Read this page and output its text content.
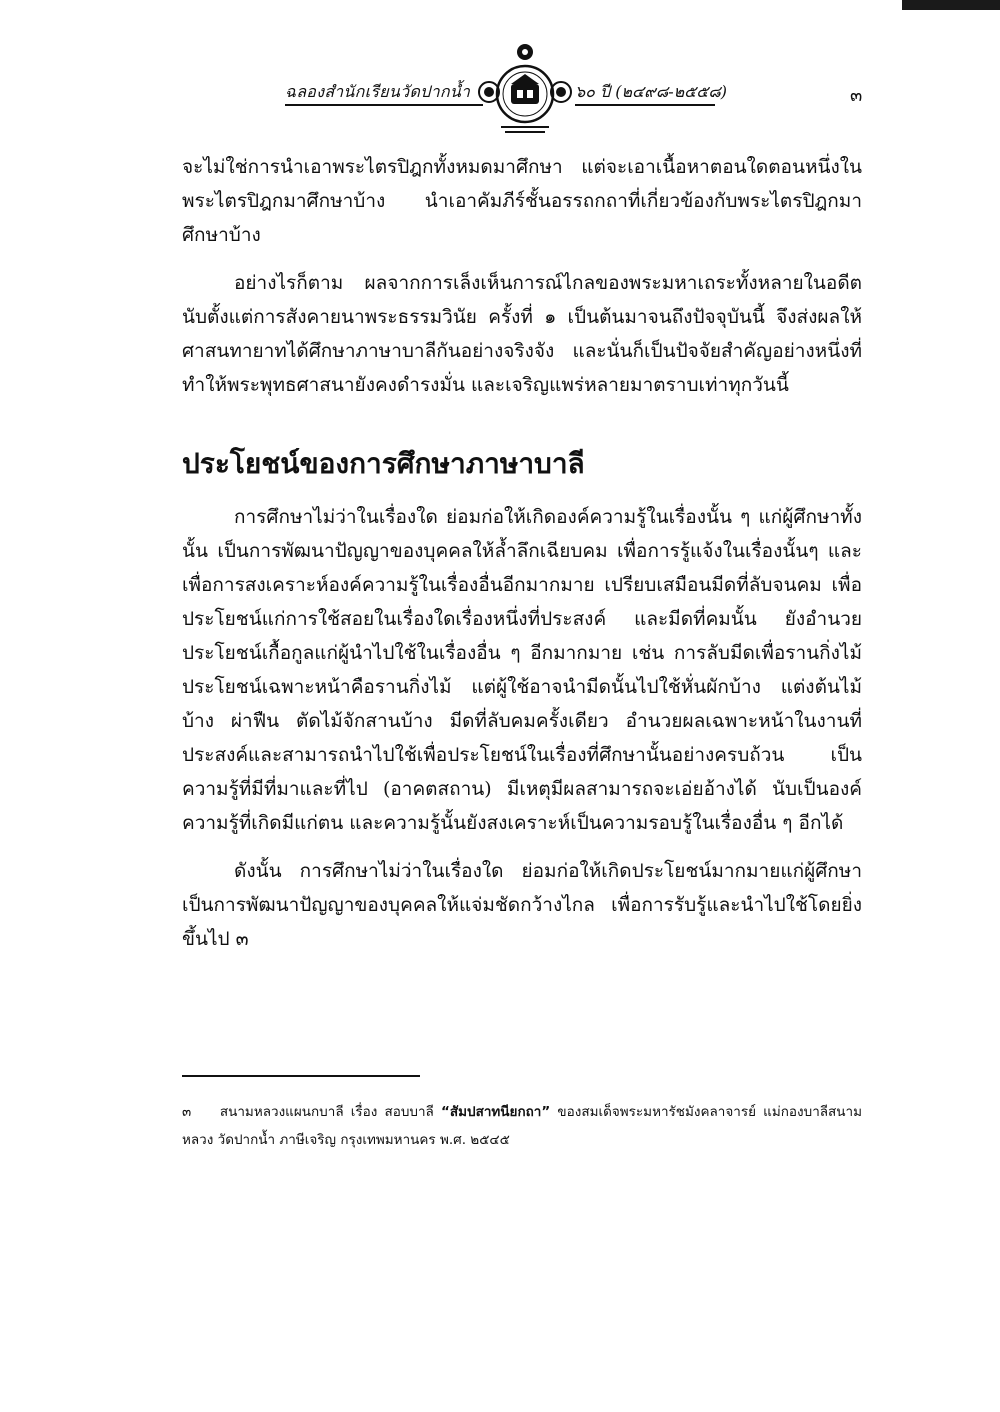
ฉลองสำนักเรียนวัดปากน้ำ	๖๐ ปี (๒๔๙๘-๒๕๕๘)	๓

จะไม่ใช่การนำเอาพระไตรปิฎกทั้งหมดมาศึกษา แต่จะเอาเนื้อหาตอนใดตอนหนึ่งในพระไตรปิฎกมาศึกษาบ้าง นำเอาคัมภีร์ชั้นอรรถกถาที่เกี่ยวข้องกับพระไตรปิฎกมาศึกษาบ้าง

อย่างไรก็ตาม ผลจากการเล็งเห็นการณ์ไกลของพระมหาเถระทั้งหลายในอดีต นับตั้งแต่การสังคายนาพระธรรมวินัย ครั้งที่ ๑ เป็นต้นมาจนถึงปัจจุบันนี้ จึงส่งผลให้ศาสนทายาทได้ศึกษาภาษาบาลีกันอย่างจริงจัง และนั่นก็เป็นปัจจัยสำคัญอย่างหนึ่งที่ทำให้พระพุทธศาสนายังคงดำรงมั่น และเจริญแพร่หลายมาตราบเท่าทุกวันนี้

ประโยชน์ของการศึกษาภาษาบาลี

การศึกษาไม่ว่าในเรื่องใด ย่อมก่อให้เกิดองค์ความรู้ในเรื่องนั้น ๆ แก่ผู้ศึกษาทั้งนั้น เป็นการพัฒนาปัญญาของบุคคลให้ล้ำลึกเฉียบคม เพื่อการรู้แจ้งในเรื่องนั้นๆ และเพื่อการสงเคราะห์องค์ความรู้ในเรื่องอื่นอีกมากมาย เปรียบเสมือนมีดที่ลับจนคม เพื่อประโยชน์แก่การใช้สอยในเรื่องใดเรื่องหนึ่งที่ประสงค์ และมีดที่คมนั้น ยังอำนวยประโยชน์เกื้อกูลแก่ผู้นำไปใช้ในเรื่องอื่น ๆ อีกมากมาย เช่น การลับมีดเพื่อรานกิ่งไม้ ประโยชน์เฉพาะหน้าคือรานกิ่งไม้ แต่ผู้ใช้อาจนำมีดนั้นไปใช้หั่นผักบ้าง แต่งต้นไม้บ้าง ผ่าฟืน ตัดไม้จักสานบ้าง มีดที่ลับคมครั้งเดียว อำนวยผลเฉพาะหน้าในงานที่ประสงค์และสามารถนำไปใช้เพื่อประโยชน์ในเรื่องที่ศึกษานั้นอย่างครบถ้วน เป็นความรู้ที่มีที่มาและที่ไป (อาคตสถาน) มีเหตุมีผลสามารถจะเอ่ยอ้างได้ นับเป็นองค์ความรู้ที่เกิดมีแก่ตน และความรู้นั้นยังสงเคราะห์เป็นความรอบรู้ในเรื่องอื่น ๆ อีกได้

ดังนั้น การศึกษาไม่ว่าในเรื่องใด ย่อมก่อให้เกิดประโยชน์มากมายแก่ผู้ศึกษา เป็นการพัฒนาปัญญาของบุคคลให้แจ่มชัดกว้างไกล เพื่อการรับรู้และนำไปใช้โดยยิ่งขึ้นไป ๓

๓ สนามหลวงแผนกบาลี เรื่อง สอบบาลี “สัมปสาทนียกถา” ของสมเด็จพระมหารัชมังคลาจารย์ แม่กองบาลีสนามหลวง วัดปากน้ำ ภาษีเจริญ กรุงเทพมหานคร พ.ศ. ๒๕๔๕
